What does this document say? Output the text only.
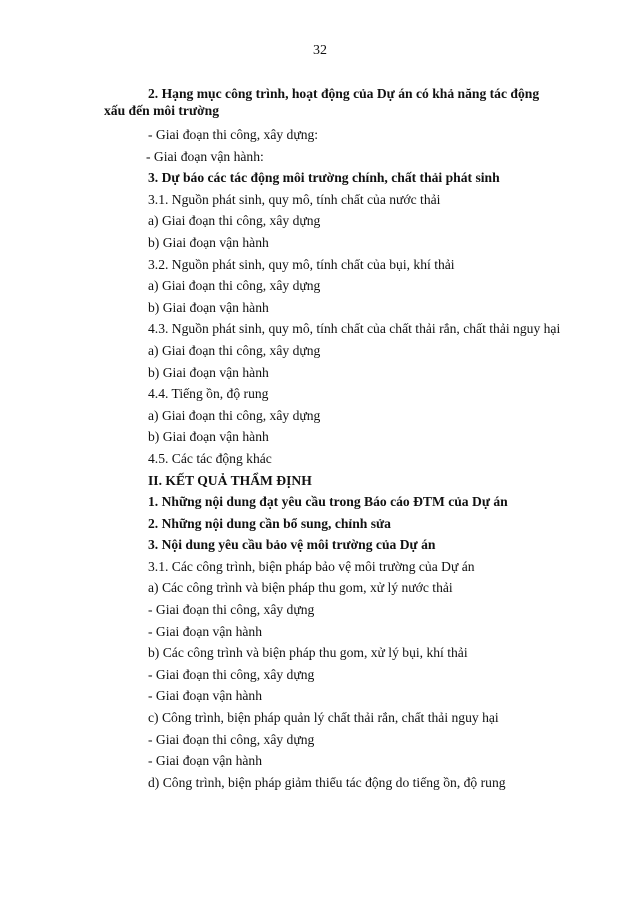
32
2. Hạng mục công trình, hoạt động của Dự án có khả năng tác động
xấu đến môi trường
- Giai đoạn thi công, xây dựng:
- Giai đoạn vận hành:
3. Dự báo các tác động môi trường chính, chất thải phát sinh
3.1. Nguồn phát sinh, quy mô, tính chất của nước thải
a) Giai đoạn thi công, xây dựng
b) Giai đoạn vận hành
3.2. Nguồn phát sinh, quy mô, tính chất của bụi, khí thải
a) Giai đoạn thi công, xây dựng
b) Giai đoạn vận hành
4.3. Nguồn phát sinh, quy mô, tính chất của chất thải rắn, chất thải nguy hại
a) Giai đoạn thi công, xây dựng
b) Giai đoạn vận hành
4.4. Tiếng ồn, độ rung
a) Giai đoạn thi công, xây dựng
b) Giai đoạn vận hành
4.5. Các tác động khác
II. KẾT QUẢ THẨM ĐỊNH
1. Những nội dung đạt yêu cầu trong Báo cáo ĐTM của Dự án
2. Những nội dung cần bổ sung, chỉnh sửa
3. Nội dung yêu cầu bảo vệ môi trường của Dự án
3.1. Các công trình, biện pháp bảo vệ môi trường của Dự án
a) Các công trình và biện pháp thu gom, xử lý nước thải
- Giai đoạn thi công, xây dựng
- Giai đoạn vận hành
b) Các công trình và biện pháp thu gom, xử lý bụi, khí thải
- Giai đoạn thi công, xây dựng
- Giai đoạn vận hành
c) Công trình, biện pháp quản lý chất thải rắn, chất thải nguy hại
- Giai đoạn thi công, xây dựng
- Giai đoạn vận hành
d) Công trình, biện pháp giảm thiểu tác động do tiếng ồn, độ rung
